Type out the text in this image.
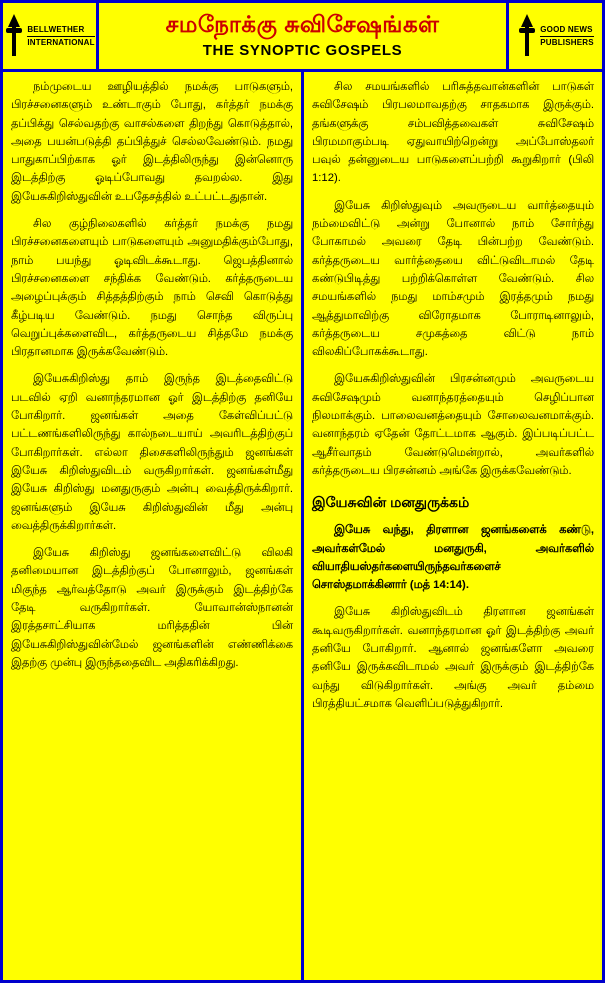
BELLWETHER
INTERNATIONAL
சமநோக்கு சுவிசேஷங்கள்
THE SYNOPTIC GOSPELS
GOOD NEWS
PUBLISHERS

நம்முடைய ஊழியத்தில் நமக்கு பாடுகளும், பிரச்சனைகளும் உண்டாகும் போது, கர்த்தர் நமக்கு தப்பிக்து செல்வதற்கு வாசல்களை திறந்து கொடுத்தால், அதை பயன்படுத்தி தப்பித்துச் செல்லவேண்டும். நமது பாதுகாப்பிற்காக ஓர் இடத்திலிருந்து இன்னொரு இடத்திற்கு ஓடிப்போவது தவறல்ல. இது இயேசுகிறிஸ்துவின் உபதேசத்தில் உட்பட்டதுதான்.

சில குழ்நிலைகளில் கர்த்தர் நமக்கு நமது பிரச்சனைகளையும் பாடுகளையும் அனுமதிக்கும்போது, நாம் பயந்து ஓடிவிடக்கூடாது. ஜெபத்தினால் பிரச்சனைகளை சந்திக்க வேண்டும். கர்த்தருடைய அழைப்புக்கும் சித்தத்திற்கும் நாம் செவி கொடுத்து கீழ்படிய வேண்டும். நமது சொந்த விருப்பு வெறுப்புக்களைவிட, கர்த்தருடைய சித்தமே நமக்கு பிரதானமாக இருக்கவேண்டும்.

இயேசுகிறிஸ்து தாம் இருந்த இடத்தைவிட்டு படவில் ஏறி வனாந்தரமான ஓர் இடத்திற்கு தனியே போகிறார். ஜனங்கள் அதை கேள்விப்பட்டு பட்டணங்களிலிருந்து கால்நடையாய் அவரிடத்திற்குப் போகிறார்கள். எல்லா திசைகளிலிருந்தும் ஜனங்கள் இயேசு கிறிஸ்துவிடம் வருகிறார்கள். ஜனங்கள்மீது இயேசு கிறிஸ்து மனதுருகும் அன்பு வைத்திருக்கிறார். ஜனங்களும் இயேசு கிறிஸ்துவின் மீது அன்பு வைத்திருக்கிறார்கள்.

இயேசு கிறிஸ்து ஜனங்களைவிட்டு விலகி தனிமையான இடத்திற்குப் போனாலும், ஜனங்கள் மிகுந்த ஆர்வத்தோடு அவர் இருக்கும் இடத்திற்கே தேடி வருகிறார்கள். யோவான்ஸ்நானன் இரத்தசாட்சியாக மரித்ததின் பின் இயேசுகிறிஸ்துவின்மேல் ஜனங்களின் எண்ணிக்கை இதற்கு முன்பு இருந்ததைவிட அதிகரிக்கிறது.

சில சமயங்களில் பரிசுத்தவான்களின் பாடுகள் சுவிசேஷம் பிரபலமாவதற்கு சாதகமாக இருக்கும். தங்களுக்கு சம்பவித்தவைகள் சுவிசேஷம் பிரமமாகும்படி ஏதுவாயிற்றென்று அப்போஸ்தலர் பவுல் தன்னுடைய பாடுகளைப்பற்றி கூறுகிறார் (பிலி 1:12).

இயேசு கிறிஸ்துவும் அவருடைய வார்த்தையும் நம்மைவிட்டு அன்று போனால் நாம் சோர்ந்து போகாமல் அவரை தேடி பின்பற்ற வேண்டும். கர்த்தருடைய வார்த்தையை விட்டுவிடாமல் தேடி கண்டுபிடித்து பற்றிக்கொள்ள வேண்டும். சில சமயங்களில் நமது மாம்சமும் இரத்தமும் நமது ஆத்துமாவிற்கு விரோதமாக போராடினாலும், கர்த்தருடைய சமுகத்தை விட்டு நாம் விலகிப்போகக்கூடாது.

இயேசுகிறிஸ்துவின் பிரசன்னமும் அவருடைய சுவிசேஷமும் வனாந்தரத்தையும் செழிப்பான நிலமாக்கும். பாலைவனத்தையும் சோலைவனமாக்கும். வனாந்தரம் ஏதேன் தோட்டமாக ஆகும். இப்படிப்பட்ட ஆசீர்வாதம் வேண்டுமென்றால், அவர்களில் கர்த்தருடைய பிரசன்னம் அங்கே இருக்கவேண்டும்.

இயேசுவின் மனதுருக்கம்

இயேசு வந்து, திரளான ஜனங்களைக் கண்டு, அவர்கள்மேல் மனதுருகி, அவர்களில் வியாதியஸ்தர்களையிருந்தவர்களைச் சொஸ்தமாக்கினார் (மத் 14:14).

இயேசு கிறிஸ்துவிடம் திரளான ஜனங்கள் கூடிவருகிறார்கள். வனாந்தரமான ஓர் இடத்திற்கு அவர் தனியே போகிறார். ஆனால் ஜனங்களோ அவரை தனியே இருக்கவிடாமல் அவர் இருக்கும் இடத்திற்கே வந்து விடுகிறார்கள். அங்கு அவர் தம்மை பிரத்தியட்சமாக வெளிப்படுத்துகிறார்.
